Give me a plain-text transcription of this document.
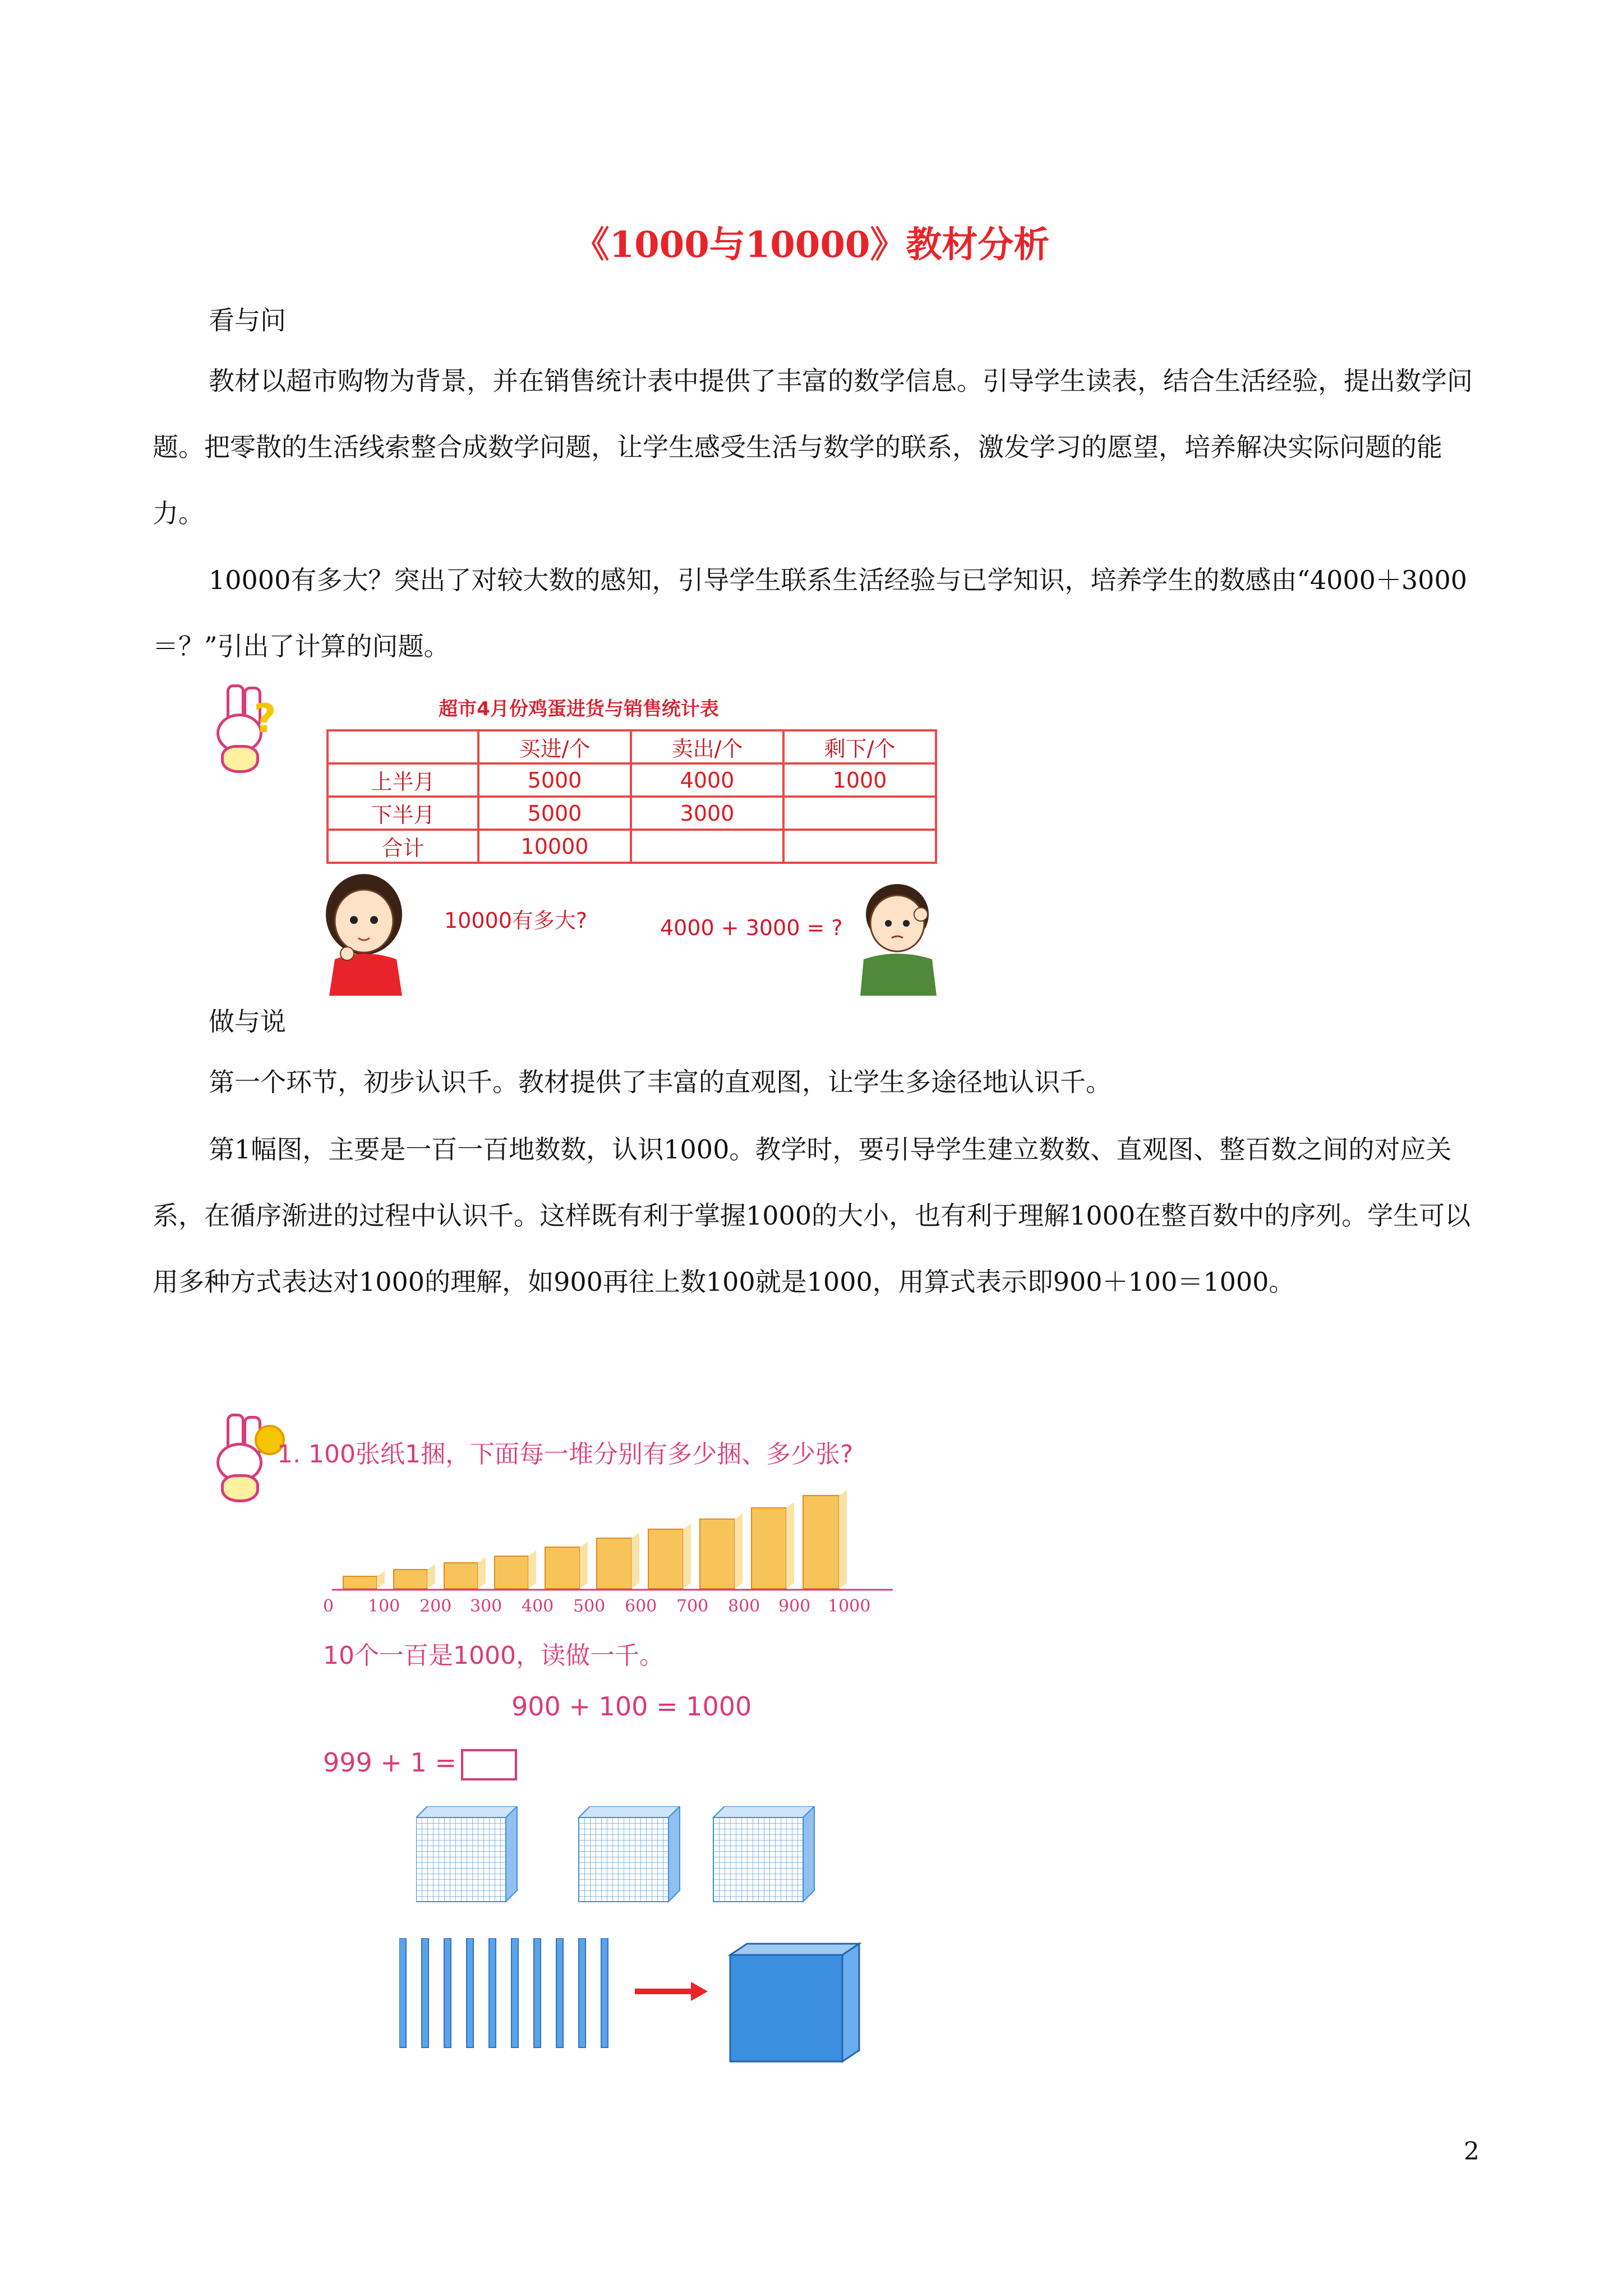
《1000与10000》教材分析

看与问

教材以超市购物为背景，并在销售统计表中提供了丰富的数学信息。引导学生读表，结合生活经验，提出数学问题。把零散的生活线索整合成数学问题，让学生感受生活与数学的联系，激发学习的愿望，培养解决实际问题的能力。

10000有多大？突出了对较大数的感知，引导学生联系生活经验与已学知识，培养学生的数感由“4000＋3000＝？”引出了计算的问题。

?	超市4月份鸡蛋进货与销售统计表
	买进/个	卖出/个	剩下/个
上半月	5000	4000	1000
下半月	5000	3000	
合计	10000		
10000有多大?	4000 + 3000 = ?

做与说

第一个环节，初步认识千。教材提供了丰富的直观图，让学生多途径地认识千。

第1幅图，主要是一百一百地数数，认识1000。教学时，要引导学生建立数数、直观图、整百数之间的对应关系，在循序渐进的过程中认识千。这样既有利于掌握1000的大小，也有利于理解1000在整百数中的序列。学生可以用多种方式表达对1000的理解，如900再往上数100就是1000，用算式表示即900＋100＝1000。

1. 100张纸1捆，下面每一堆分别有多少捆、多少张?
0 100 200 300 400 500 600 700 800 900 1000
10个一百是1000，读做一千。
900 + 100 = 1000
999 + 1 =
2
